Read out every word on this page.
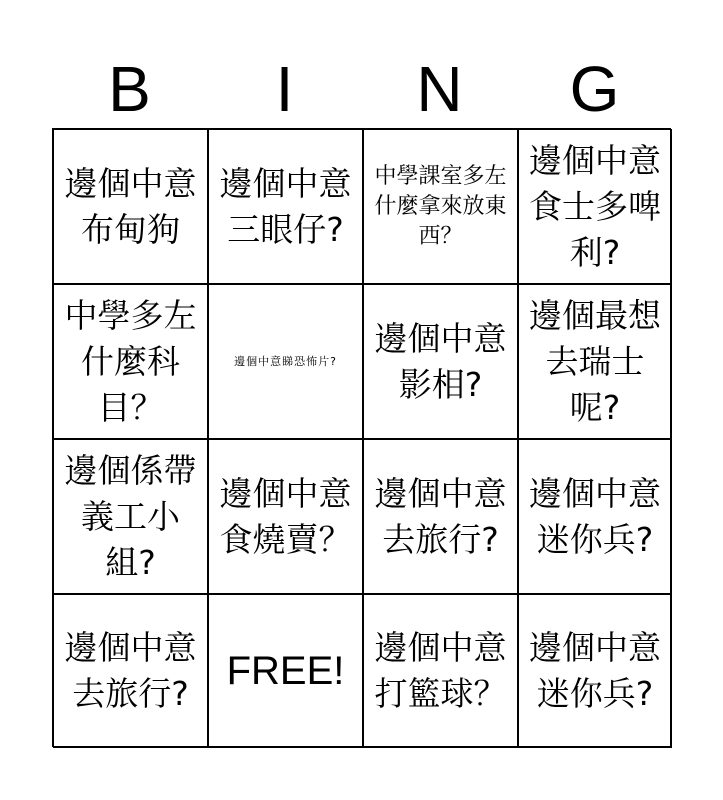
B	I	N	G
邊個中意布甸狗
邊個中意三眼仔?
中學課室多左什麼拿來放東西？
邊個中意食士多啤利?
中學多左什麼科目？
邊個中意睇恐怖片?
邊個中意影相?
邊個最想去瑞士呢?
邊個係帶義工小組?
邊個中意食燒賣？
邊個中意去旅行?
邊個中意迷你兵?
邊個中意去旅行?
FREE!
邊個中意打籃球？
邊個中意迷你兵?
